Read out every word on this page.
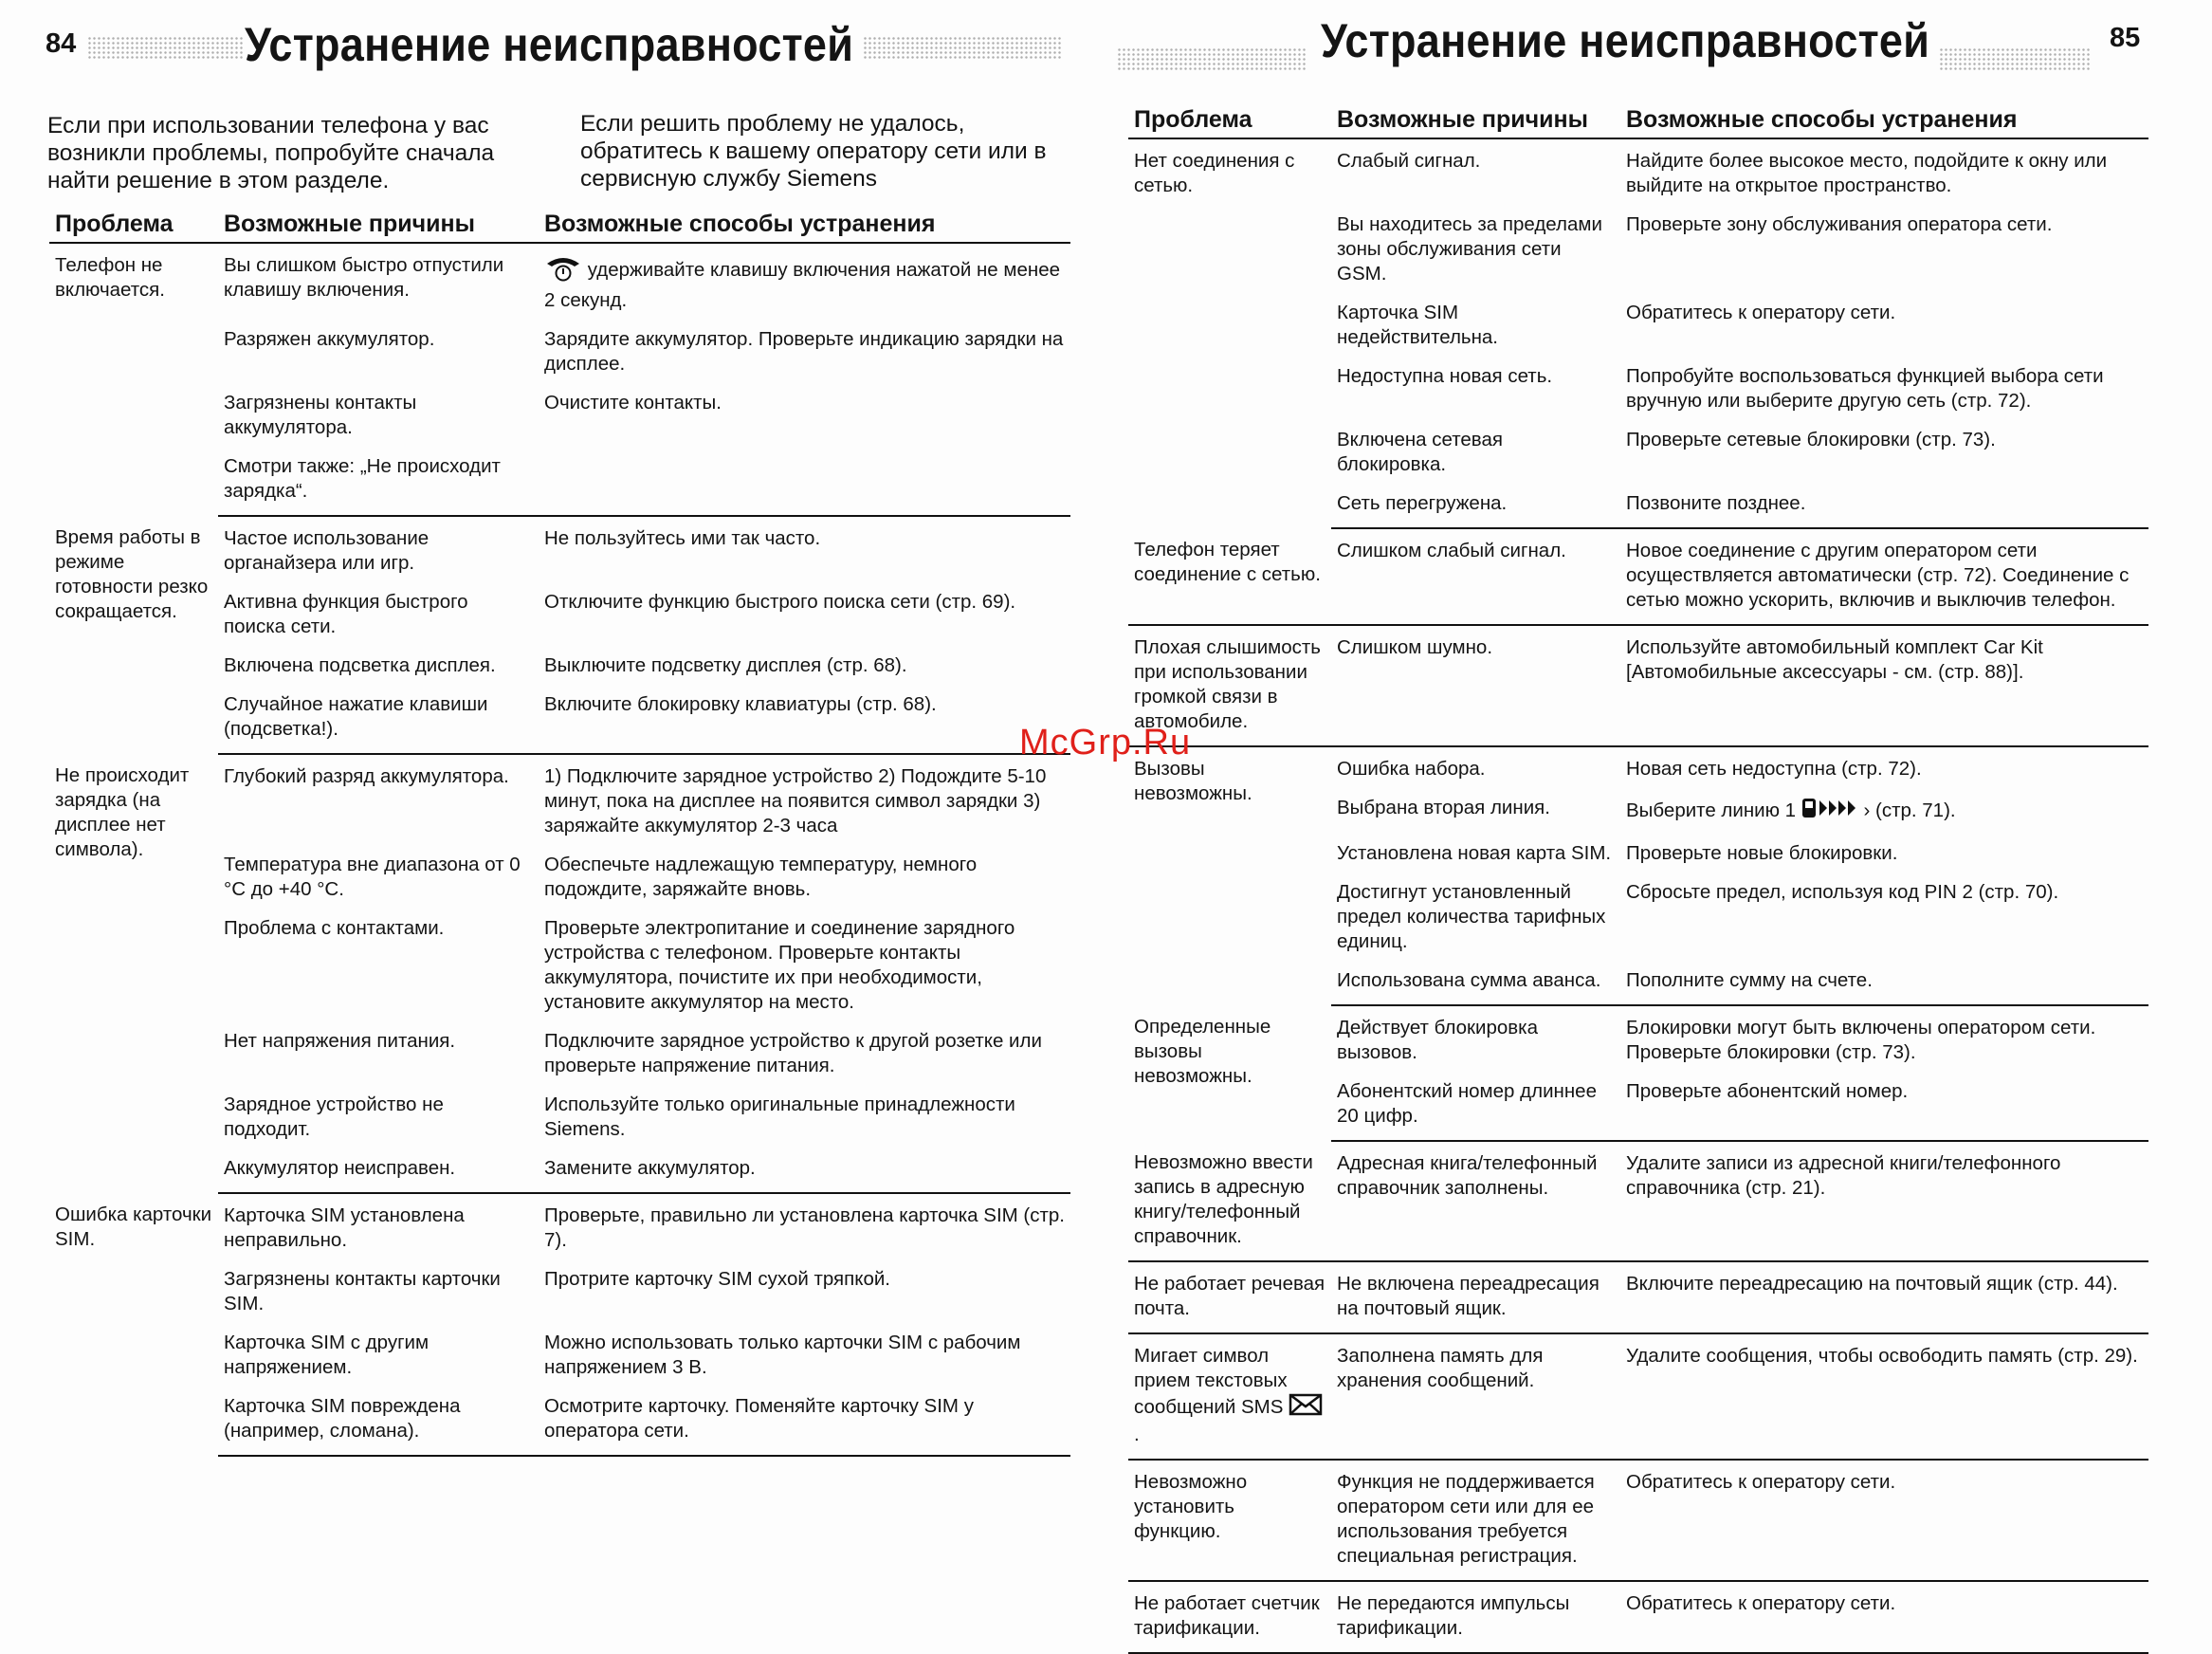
84	Устранение неисправностей
Если при использовании телефона у вас возникли проблемы, попробуйте сначала найти решение в этом разделе.
Если решить проблему не удалось, обратитесь к вашему оператору сети или в сервисную службу Siemens
Проблема	Возможные причины	Возможные способы устранения
Телефон не включается.	Вы слишком быстро отпустили клавишу включения.	удерживайте клавишу включения нажатой не менее 2 секунд.
	Разряжен аккумулятор.	Зарядите аккумулятор. Проверьте индикацию зарядки на дисплее.
	Загрязнены контакты аккумулятора.	Очистите контакты.
	Смотри также: „Не происходит зарядка“.	
Время работы в режиме готовности резко сокращается.	Частое использование органайзера или игр.	Не пользуйтесь ими так часто.
	Активна функция быстрого поиска сети.	Отключите функцию быстрого поиска сети (стр. 69).
	Включена подсветка дисплея.	Выключите подсветку дисплея (стр. 68).
	Случайное нажатие клавиши (подсветка!).	Включите блокировку клавиатуры (стр. 68).
Не происходит зарядка (на дисплее нет символа).	Глубокий разряд аккумулятора.	1) Подключите зарядное устройство 2) Подождите 5-10 минут, пока на дисплее на появится символ зарядки 3) заряжайте аккумулятор 2-3 часа
	Температура вне диапазона от 0 °С до +40 °С.	Обеспечьте надлежащую температуру, немного подождите, заряжайте вновь.
	Проблема с контактами.	Проверьте электропитание и соединение зарядного устройства с телефоном. Проверьте контакты аккумулятора, почистите их при необходимости, установите аккумулятор на место.
	Нет напряжения питания.	Подключите зарядное устройство к другой розетке или проверьте напряжение питания.
	Зарядное устройство не подходит.	Используйте только оригинальные принадлежности Siemens.
	Аккумулятор неисправен.	Замените аккумулятор.
Ошибка карточки SIM.	Карточка SIM установлена неправильно.	Проверьте, правильно ли установлена карточка SIM (стр. 7).
	Загрязнены контакты карточки SIM.	Протрите карточку SIM сухой тряпкой.
	Карточка SIM с другим напряжением.	Можно использовать только карточки SIM с рабочим напряжением 3 В.
	Карточка SIM повреждена (например, сломана).	Осмотрите карточку. Поменяйте карточку SIM у оператора сети.
Устранение неисправностей	85
Проблема	Возможные причины	Возможные способы устранения
Нет соединения с сетью.	Слабый сигнал.	Найдите более высокое место, подойдите к окну или выйдите на открытое пространство.
	Вы находитесь за пределами зоны обслуживания сети GSM.	Проверьте зону обслуживания оператора сети.
	Карточка SIM недействительна.	Обратитесь к оператору сети.
	Недоступна новая сеть.	Попробуйте воспользоваться функцией выбора сети вручную или выберите другую сеть (стр. 72).
	Включена сетевая блокировка.	Проверьте сетевые блокировки (стр. 73).
	Сеть перегружена.	Позвоните позднее.
Телефон теряет соединение с сетью.	Слишком слабый сигнал.	Новое соединение с другим оператором сети осуществляется автоматически (стр. 72). Соединение с сетью можно ускорить, включив и выключив телефон.
Плохая слышимость при использовании громкой связи в автомобиле.	Слишком шумно.	Используйте автомобильный комплект Car Kit [Автомобильные аксессуары - см. (стр. 88)].
Вызовы невозможны.	Ошибка набора.	Новая сеть недоступна (стр. 72).
	Выбрана вторая линия.	Выберите линию 1 › (стр. 71).
	Установлена новая карта SIM.	Проверьте новые блокировки.
	Достигнут установленный предел количества тарифных единиц.	Сбросьте предел, используя код PIN 2 (стр. 70).
	Использована сумма аванса.	Пополните сумму на счете.
Определенные вызовы невозможны.	Действует блокировка вызовов.	Блокировки могут быть включены оператором сети. Проверьте блокировки (стр. 73).
	Абонентский номер длиннее 20 цифр.	Проверьте абонентский номер.
Невозможно ввести запись в адресную книгу/телефонный справочник.	Адресная книга/телефонный справочник заполнены.	Удалите записи из адресной книги/телефонного справочника (стр. 21).
Не работает речевая почта.	Не включена переадресация на почтовый ящик.	Включите переадресацию на почтовый ящик (стр. 44).
Мигает символ прием текстовых сообщений SMS .	Заполнена память для хранения сообщений.	Удалите сообщения, чтобы освободить память (стр. 29).
Невозможно установить функцию.	Функция не поддерживается оператором сети или для ее использования требуется специальная регистрация.	Обратитесь к оператору сети.
Не работает счетчик тарификации.	Не передаются импульсы тарификации.	Обратитесь к оператору сети.
McGrp.Ru
